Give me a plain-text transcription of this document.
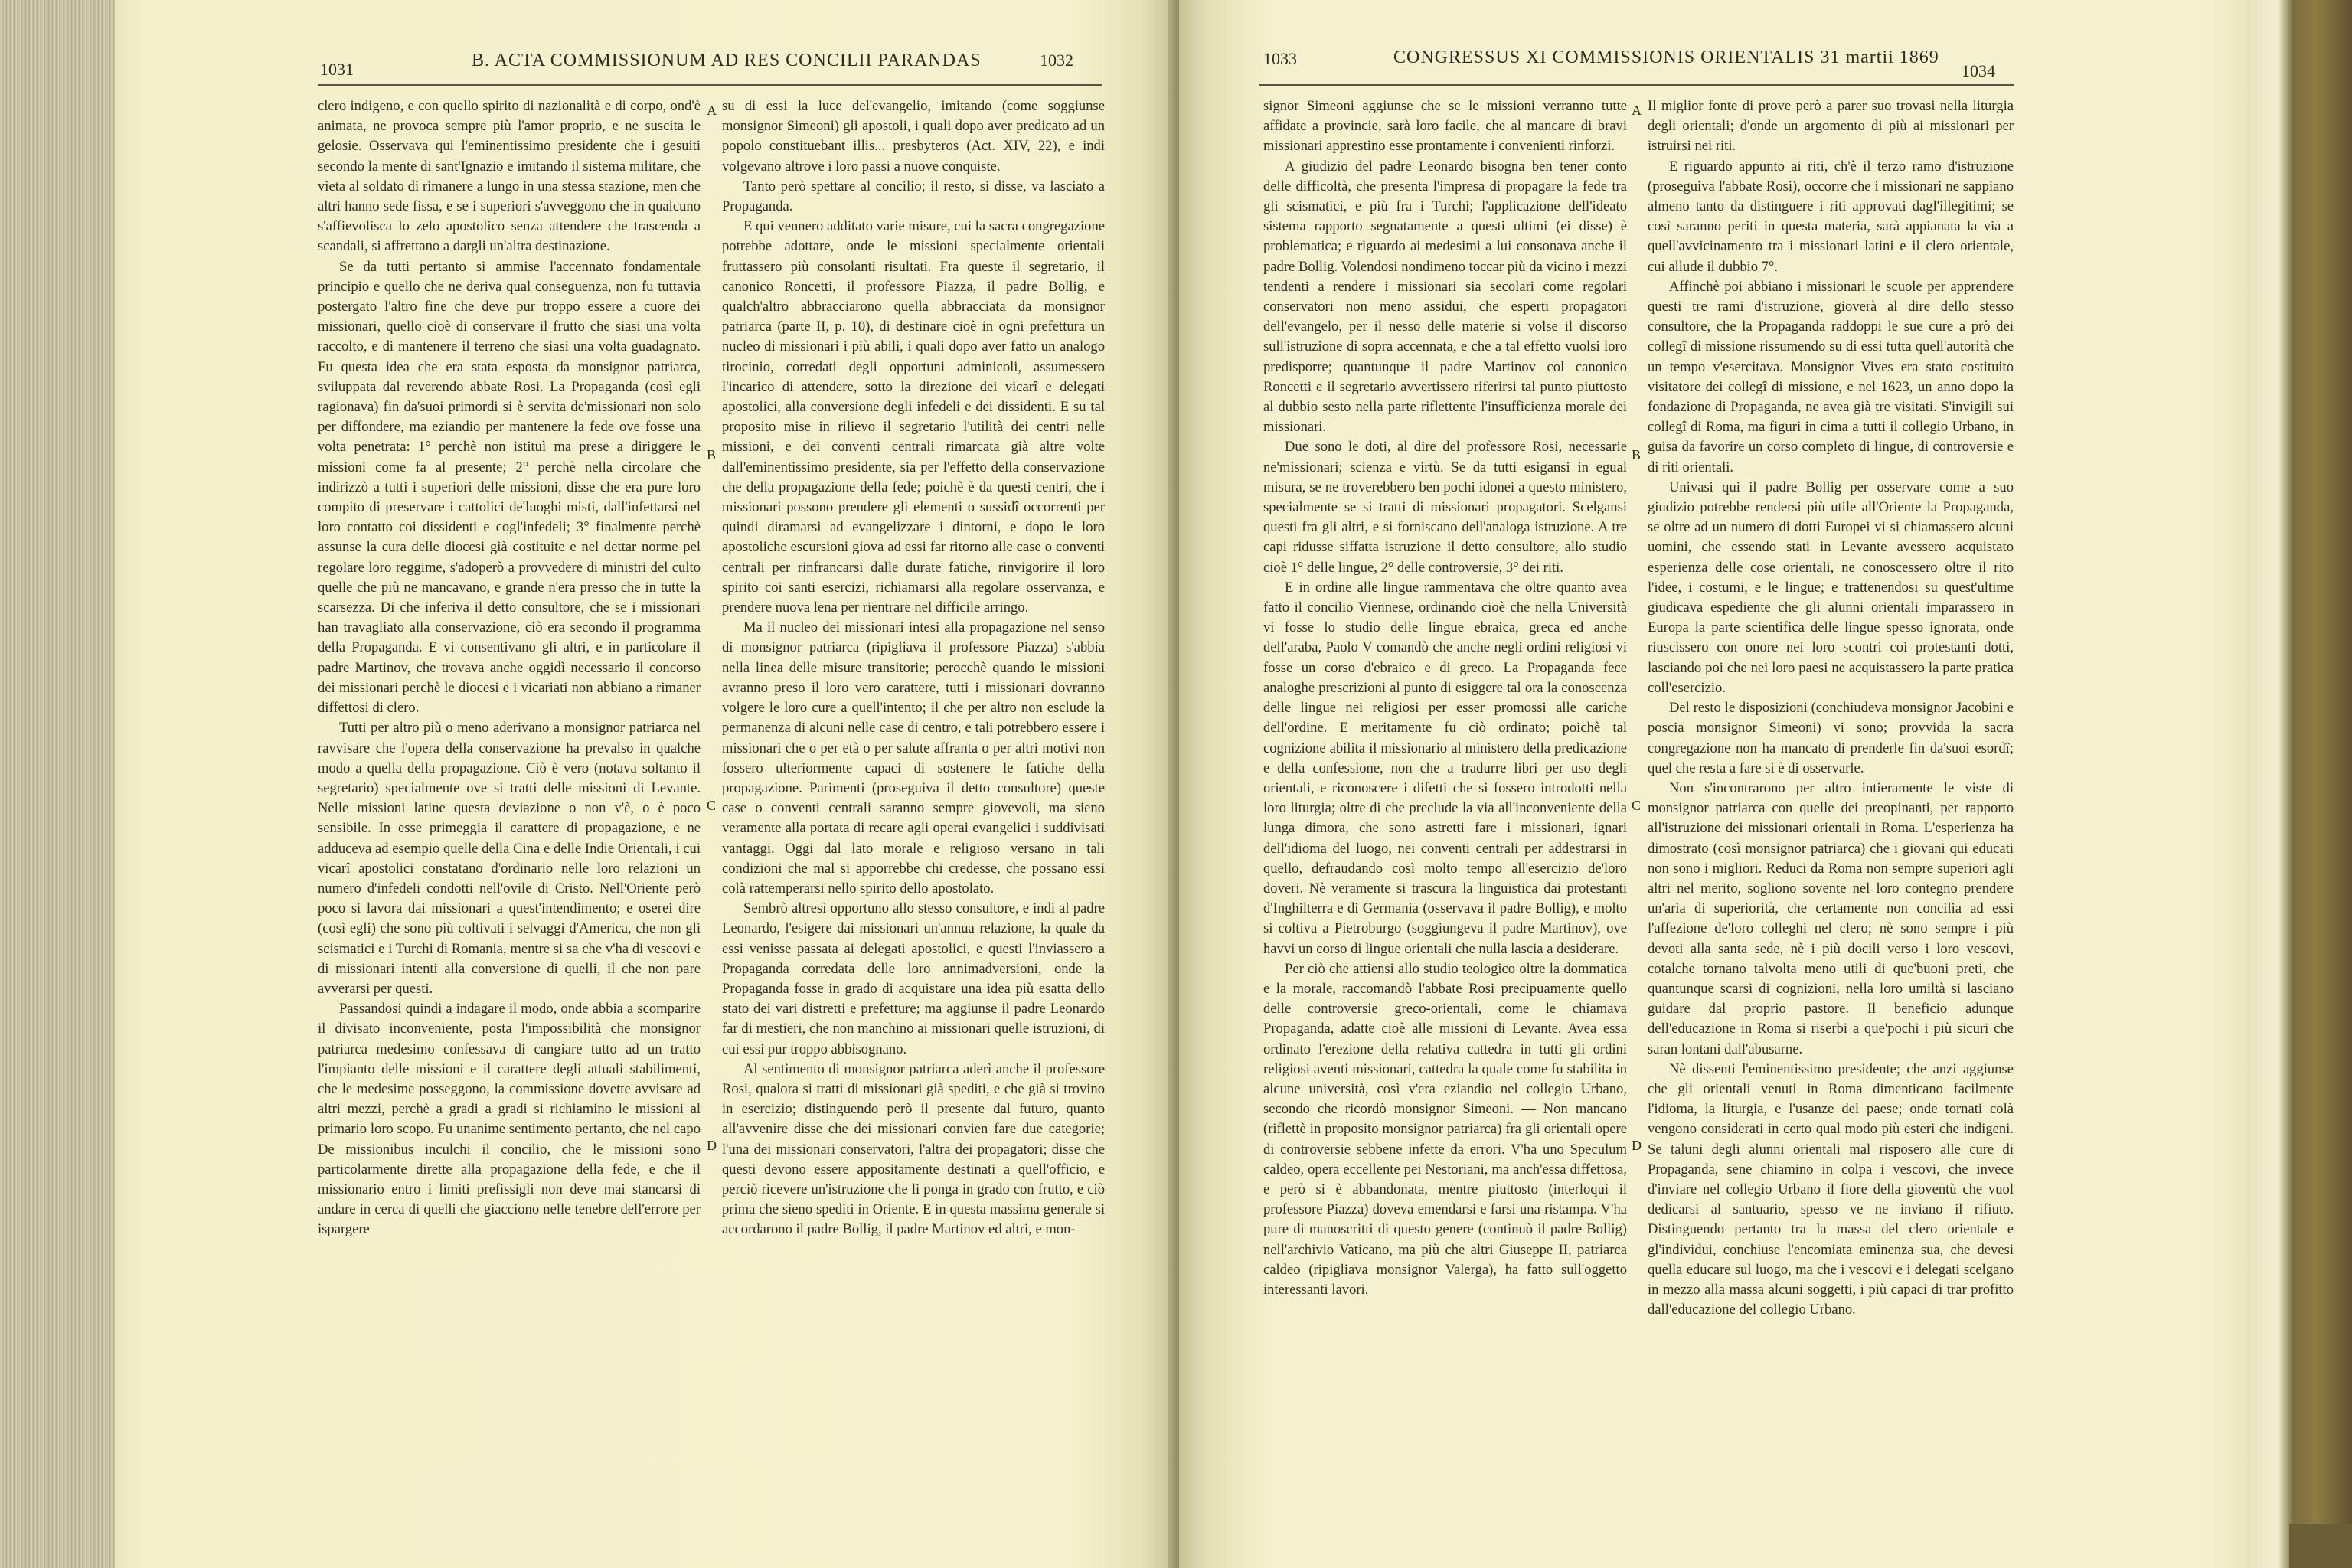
1031	B. ACTA COMMISSIONUM AD RES CONCILII PARANDAS	1032

clero indigeno, e con quello spirito di nazionalità e di corpo, ond'è animata, ne provoca sempre più l'amor proprio, e ne suscita le gelosie. Osservava qui l'eminentissimo presidente che i gesuiti secondo la mente di sant'Ignazio e imitando il sistema militare, che vieta al soldato di rimanere a lungo in una stessa stazione, men che altri hanno sede fissa, e se i superiori s'avveggono che in qualcuno s'affievolisca lo zelo apostolico senza attendere che trascenda a scandali, si affrettano a dargli un'altra destinazione.

Se da tutti pertanto si ammise l'accennato fondamentale principio e quello che ne deriva qual conseguenza, non fu tuttavia postergato l'altro fine che deve pur troppo essere a cuore dei missionari, quello cioè di conservare il frutto che siasi una volta raccolto, e di mantenere il terreno che siasi una volta guadagnato. Fu questa idea che era stata esposta da monsignor patriarca, sviluppata dal reverendo abbate Rosi. La Propaganda (così egli ragionava) fin da'suoi primordi si è servita de'missionari non solo per diffondere, ma eziandio per mantenere la fede ove fosse una volta penetrata: 1° perchè non istituì ma prese a diriggere le missioni come fa al presente; 2° perchè nella circolare che indirizzò a tutti i superiori delle missioni, disse che era pure loro compito di preservare i cattolici de'luoghi misti, dall'infettarsi nel loro contatto coi dissidenti e cogl'infedeli; 3° finalmente perchè assunse la cura delle diocesi già costituite e nel dettar norme pel regolare loro reggime, s'adoperò a provvedere di ministri del culto quelle che più ne mancavano, e grande n'era presso che in tutte la scarsezza. Di che inferiva il detto consultore, che se i missionari han travagliato alla conservazione, ciò era secondo il programma della Propaganda. E vi consentivano gli altri, e in particolare il padre Martinov, che trovava anche oggidì necessario il concorso dei missionari perchè le diocesi e i vicariati non abbiano a rimaner diffettosi di clero.

Tutti per altro più o meno aderivano a monsignor patriarca nel ravvisare che l'opera della conservazione ha prevalso in qualche modo a quella della propagazione. Ciò è vero (notava soltanto il segretario) specialmente ove si tratti delle missioni di Levante. Nelle missioni latine questa deviazione o non v'è, o è poco sensibile. In esse primeggia il carattere di propagazione, e ne adducevа ad esempio quelle della Cina e delle Indie Orientali, i cui vicarî apostolici constatano d'ordinario nelle loro relazioni un numero d'infedeli condotti nell'ovile di Cristo. Nell'Oriente però poco si lavora dai missionari a quest'intendimento; e oserei dire (così egli) che sono più coltivati i selvaggi d'America, che non gli scismatici e i Turchi di Romania, mentre si sa che v'ha di vescovi e di missionari intenti alla conversione di quelli, il che non pare avverarsi per questi.

Passandosi quindi a indagare il modo, onde abbia a scomparire il divisato inconveniente, posta l'impossibilità che monsignor patriarca medesimo confessava di cangiare tutto ad un tratto l'impianto delle missioni e il carattere degli attuali stabilimenti, che le medesime posseggono, la commissione dovette avvisare ad altri mezzi, perchè a gradi a gradi si richiamino le missioni al primario loro scopo. Fu unanime sentimento pertanto, che nel capo De missionibus inculchi il concilio, che le missioni sono particolarmente dirette alla propagazione della fede, e che il missionario entro i limiti prefissigli non deve mai stancarsi di andare in cerca di quelli che giacciono nelle tenebre dell'errore per ispargere

A
B
C
D

su di essi la luce del'evangelio, imitando (come soggiunse monsignor Simeoni) gli apostoli, i quali dopo aver predicato ad un popolo constituebant illis... presbyteros (Act. XIV, 22), e indi volgevano altrove i loro passi a nuove conquiste.

Tanto però spettare al concilio; il resto, si disse, va lasciato a Propaganda.

E qui vennero additato varie misure, cui la sacra congregazione potrebbe adottare, onde le missioni specialmente orientali fruttassero più consolanti risultati. Fra queste il segretario, il canonico Roncetti, il professore Piazza, il padre Bollig, e qualch'altro abbracciarono quella abbracciata da monsignor patriarca (parte II, p. 10), di destinare cioè in ogni prefettura un nucleo di missionari i più abili, i quali dopo aver fatto un analogo tirocinio, corredati degli opportuni adminicoli, assumessero l'incarico di attendere, sotto la direzione dei vicarî e delegati apostolici, alla conversione degli infedeli e dei dissidenti. E su tal proposito mise in rilievo il segretario l'utilità dei centri nelle missioni, e dei conventi centrali rimarcata già altre volte dall'eminentissimo presidente, sia per l'effetto della conservazione che della propagazione della fede; poichè è da questi centri, che i missionari possono prendere gli elementi o sussidî occorrenti per quindi diramarsi ad evangelizzare i dintorni, e dopo le loro apostoliche escursioni giova ad essi far ritorno alle case o conventi centrali per rinfrancarsi dalle durate fatiche, rinvigorire il loro spirito coi santi esercizi, richiamarsi alla regolare osservanza, e prendere nuova lena per rientrare nel difficile arringo.

Ma il nucleo dei missionari intesi alla propagazione nel senso di monsignor patriarca (ripigliava il professore Piazza) s'abbia nella linea delle misure transitorie; perocchè quando le missioni avranno preso il loro vero carattere, tutti i missionari dovranno volgere le loro cure a quell'intento; il che per altro non esclude la permanenza di alcuni nelle case di centro, e tali potrebbero essere i missionari che o per età o per salute affranta o per altri motivi non fossero ulteriormente capaci di sostenere le fatiche della propagazione. Parimenti (proseguiva il detto consultore) queste case o conventi centrali saranno sempre giovevoli, ma sieno veramente alla portata di recare agli operai evangelici i suddivisati vantaggi. Oggi dal lato morale e religioso versano in tali condizioni che mal si apporrebbe chi credesse, che possano essi colà rattemperarsi nello spirito dello apostolato.

Sembrò altresì opportuno allo stesso consultore, e indi al padre Leonardo, l'esigere dai missionari un'annua relazione, la quale da essi venisse passata ai delegati apostolici, e questi l'inviassero a Propaganda corredata delle loro annimadversioni, onde la Propaganda fosse in grado di acquistare una idea più esatta dello stato dei vari distretti e prefetture; ma aggiunse il padre Leonardo far di mestieri, che non manchino ai missionari quelle istruzioni, di cui essi pur troppo abbisognano.

Al sentimento di monsignor patriarca aderì anche il professore Rosi, qualora si tratti di missionari già spediti, e che già si trovino in esercizio; distinguendo però il presente dal futuro, quanto all'avvenire disse che dei missionari convien fare due categorie; l'una dei missionari conservatori, l'altra dei propagatori; disse che questi devono essere appositamente destinati a quell'officio, e perciò ricevere un'istruzione che li ponga in grado con frutto, e ciò prima che sieno spediti in Oriente. E in questa massima generale si accordarono il padre Bollig, il padre Martinov ed altri, e mon-

1033	CONGRESSUS XI COMMISSIONIS ORIENTALIS 31 martii 1869
1034

signor Simeoni aggiunse che se le missioni verranno tutte affidate a provincie, sarà loro facile, che al mancare di bravi missionari apprestino esse prontamente i convenienti rinforzi.

A giudizio del padre Leonardo bisogna ben tener conto delle difficoltà, che presenta l'impresa di propagare la fede tra gli scismatici, e più fra i Turchi; l'applicazione dell'ideato sistema rapporto segnatamente a questi ultimi (ei disse) è problematica; e riguardo ai medesimi a lui consonava anche il padre Bollig. Volendosi nondimeno toccar più da vicino i mezzi tendenti a rendere i missionari sia secolari come regolari conservatori non meno assidui, che esperti propagatori dell'evangelo, per il nesso delle materie si volse il discorso sull'istruzione di sopra accennata, e che a tal effetto vuolsi loro predisporre; quantunque il padre Martinov col canonico Roncetti e il segretario avvertissero riferirsi tal punto piuttosto al dubbio sesto nella parte riflettente l'insufficienza morale dei missionari.

Due sono le doti, al dire del professore Rosi, necessarie ne'missionari; scienza e virtù. Se da tutti esigansi in egual misura, se ne troverebbero ben pochi idonei a questo ministero, specialmente se si tratti di missionari propagatori. Scelgansi questi fra gli altri, e si forniscano dell'analoga istruzione. A tre capi ridusse siffatta istruzione il detto consultore, allo studio cioè 1° delle lingue, 2° delle controversie, 3° dei riti.

E in ordine alle lingue rammentava che oltre quanto avea fatto il concilio Viennese, ordinando cioè che nella Università vi fosse lo studio delle lingue ebraica, greca ed anche dell'araba, Paolo V comandò che anche negli ordini religiosi vi fosse un corso d'ebraico e di greco. La Propaganda fece analoghe prescrizioni al punto di esiggere tal ora la conoscenza delle lingue nei religiosi per esser promossi alle cariche dell'ordine. E meritamente fu ciò ordinato; poichè tal cognizione abilita il missionario al ministero della predicazione e della confessione, non che a tradurre libri per uso degli orientali, e riconoscere i difetti che si fossero introdotti nella loro liturgia; oltre di che preclude la via all'inconveniente della lunga dimora, che sono astretti fare i missionari, ignari dell'idioma del luogo, nei conventi centrali per addestrarsi in quello, defraudando così molto tempo all'esercizio de'loro doveri. Nè veramente si trascura la linguistica dai protestanti d'Inghilterra e di Germania (osservava il padre Bollig), e molto si coltiva a Pietroburgo (soggiungeva il padre Martinov), ove havvi un corso di lingue orientali che nulla lascia a desiderare.

Per ciò che attiensi allo studio teologico oltre la dommatica e la morale, raccomandò l'abbate Rosi precipuamente quello delle controversie greco-orientali, come le chiamava Propaganda, adatte cioè alle missioni di Levante. Avea essa ordinato l'erezione della relativa cattedra in tutti gli ordini religiosi aventi missionari, cattedra la quale come fu stabilita in alcune università, così v'era eziandio nel collegio Urbano, secondo che ricordò monsignor Simeoni. — Non mancano (riflettè in proposito monsignor patriarca) fra gli orientali opere di controversie sebbene infette da errori. V'ha uno Speculum caldeo, opera eccellente pei Nestoriani, ma anch'essa diffettosa, e però si è abbandonata, mentre piuttosto (interloquì il professore Piazza) doveva emendarsi e farsi una ristampa. V'ha pure di manoscritti di questo genere (continuò il padre Bollig) nell'archivio Vaticano, ma più che altri Giuseppe II, patriarca caldeo (ripigliava monsignor Valerga), ha fatto sull'oggetto interessanti lavori.

A
B
C
D

Il miglior fonte di prove però a parer suo trovasi nella liturgia degli orientali; d'onde un argomento di più ai missionari per istruirsi nei riti.

E riguardo appunto ai riti, ch'è il terzo ramo d'istruzione (proseguiva l'abbate Rosi), occorre che i missionari ne sappiano almeno tanto da distinguere i riti approvati dagl'illegitimi; se così saranno periti in questa materia, sarà appianata la via a quell'avvicinamento tra i missionari latini e il clero orientale, cui allude il dubbio 7°.

Affinchè poi abbiano i missionari le scuole per apprendere questi tre rami d'istruzione, gioverà al dire dello stesso consultore, che la Propaganda raddoppi le sue cure a prò dei collegî di missione rissumendo su di essi tutta quell'autorità che un tempo v'esercitava. Monsignor Vives era stato costituito visitatore dei collegî di missione, e nel 1623, un anno dopo la fondazione di Propaganda, ne avea già tre visitati. S'invigili sui collegî di Roma, ma figuri in cima a tutti il collegio Urbano, in guisa da favorire un corso completo di lingue, di controversie e di riti orientali.

Univasi qui il padre Bollig per osservare come a suo giudizio potrebbe rendersi più utile all'Oriente la Propaganda, se oltre ad un numero di dotti Europei vi si chiamassero alcuni uomini, che essendo stati in Levante avessero acquistato esperienza delle cose orientali, ne conoscessero oltre il rito l'idee, i costumi, e le lingue; e trattenendosi su quest'ultime giudicava espediente che gli alunni orientali imparassero in Europa la parte scientifica delle lingue spesso ignorata, onde riuscissero con onore nei loro scontri coi protestanti dotti, lasciando poi che nei loro paesi ne acquistassero la parte pratica coll'esercizio.

Del resto le disposizioni (conchiudeva monsignor Jacobini e poscia monsignor Simeoni) vi sono; provvida la sacra congregazione non ha mancato di prenderle fin da'suoi esordî; quel che resta a fare si è di osservarle.

Non s'incontrarono per altro intieramente le viste di monsignor patriarca con quelle dei preopinanti, per rapporto all'istruzione dei missionari orientali in Roma. L'esperienza ha dimostrato (così monsignor patriarca) che i giovani qui educati non sono i migliori. Reduci da Roma non sempre superiori agli altri nel merito, sogliono sovente nel loro contegno prendere un'aria di superiorità, che certamente non concilia ad essi l'affezione de'loro colleghi nel clero; nè sono sempre i più devoti alla santa sede, nè i più docili verso i loro vescovi, cotalche tornano talvolta meno utili di que'buoni preti, che quantunque scarsi di cognizioni, nella loro umiltà si lasciano guidare dal proprio pastore. Il beneficio adunque dell'educazione in Roma si riserbi a que'pochi i più sicuri che saran lontani dall'abusarne.

Nè dissenti l'eminentissimo presidente; che anzi aggiunse che gli orientali venuti in Roma dimenticano facilmente l'idioma, la liturgia, e l'usanze del paese; onde tornati colà vengono considerati in certo qual modo più esteri che indigeni. Se taluni degli alunni orientali mal risposero alle cure di Propaganda, sene chiamino in colpa i vescovi, che invece d'inviare nel collegio Urbano il fiore della gioventù che vuol dedicarsi al santuario, spesso ve ne inviano il rifiuto. Distinguendo pertanto tra la massa del clero orientale e gl'individui, conchiuse l'encomiata eminenza sua, che devesi quella educare sul luogo, ma che i vescovi e i delegati scelgano in mezzo alla massa alcuni soggetti, i più capaci di trar profitto dall'educazione del collegio Urbano.
